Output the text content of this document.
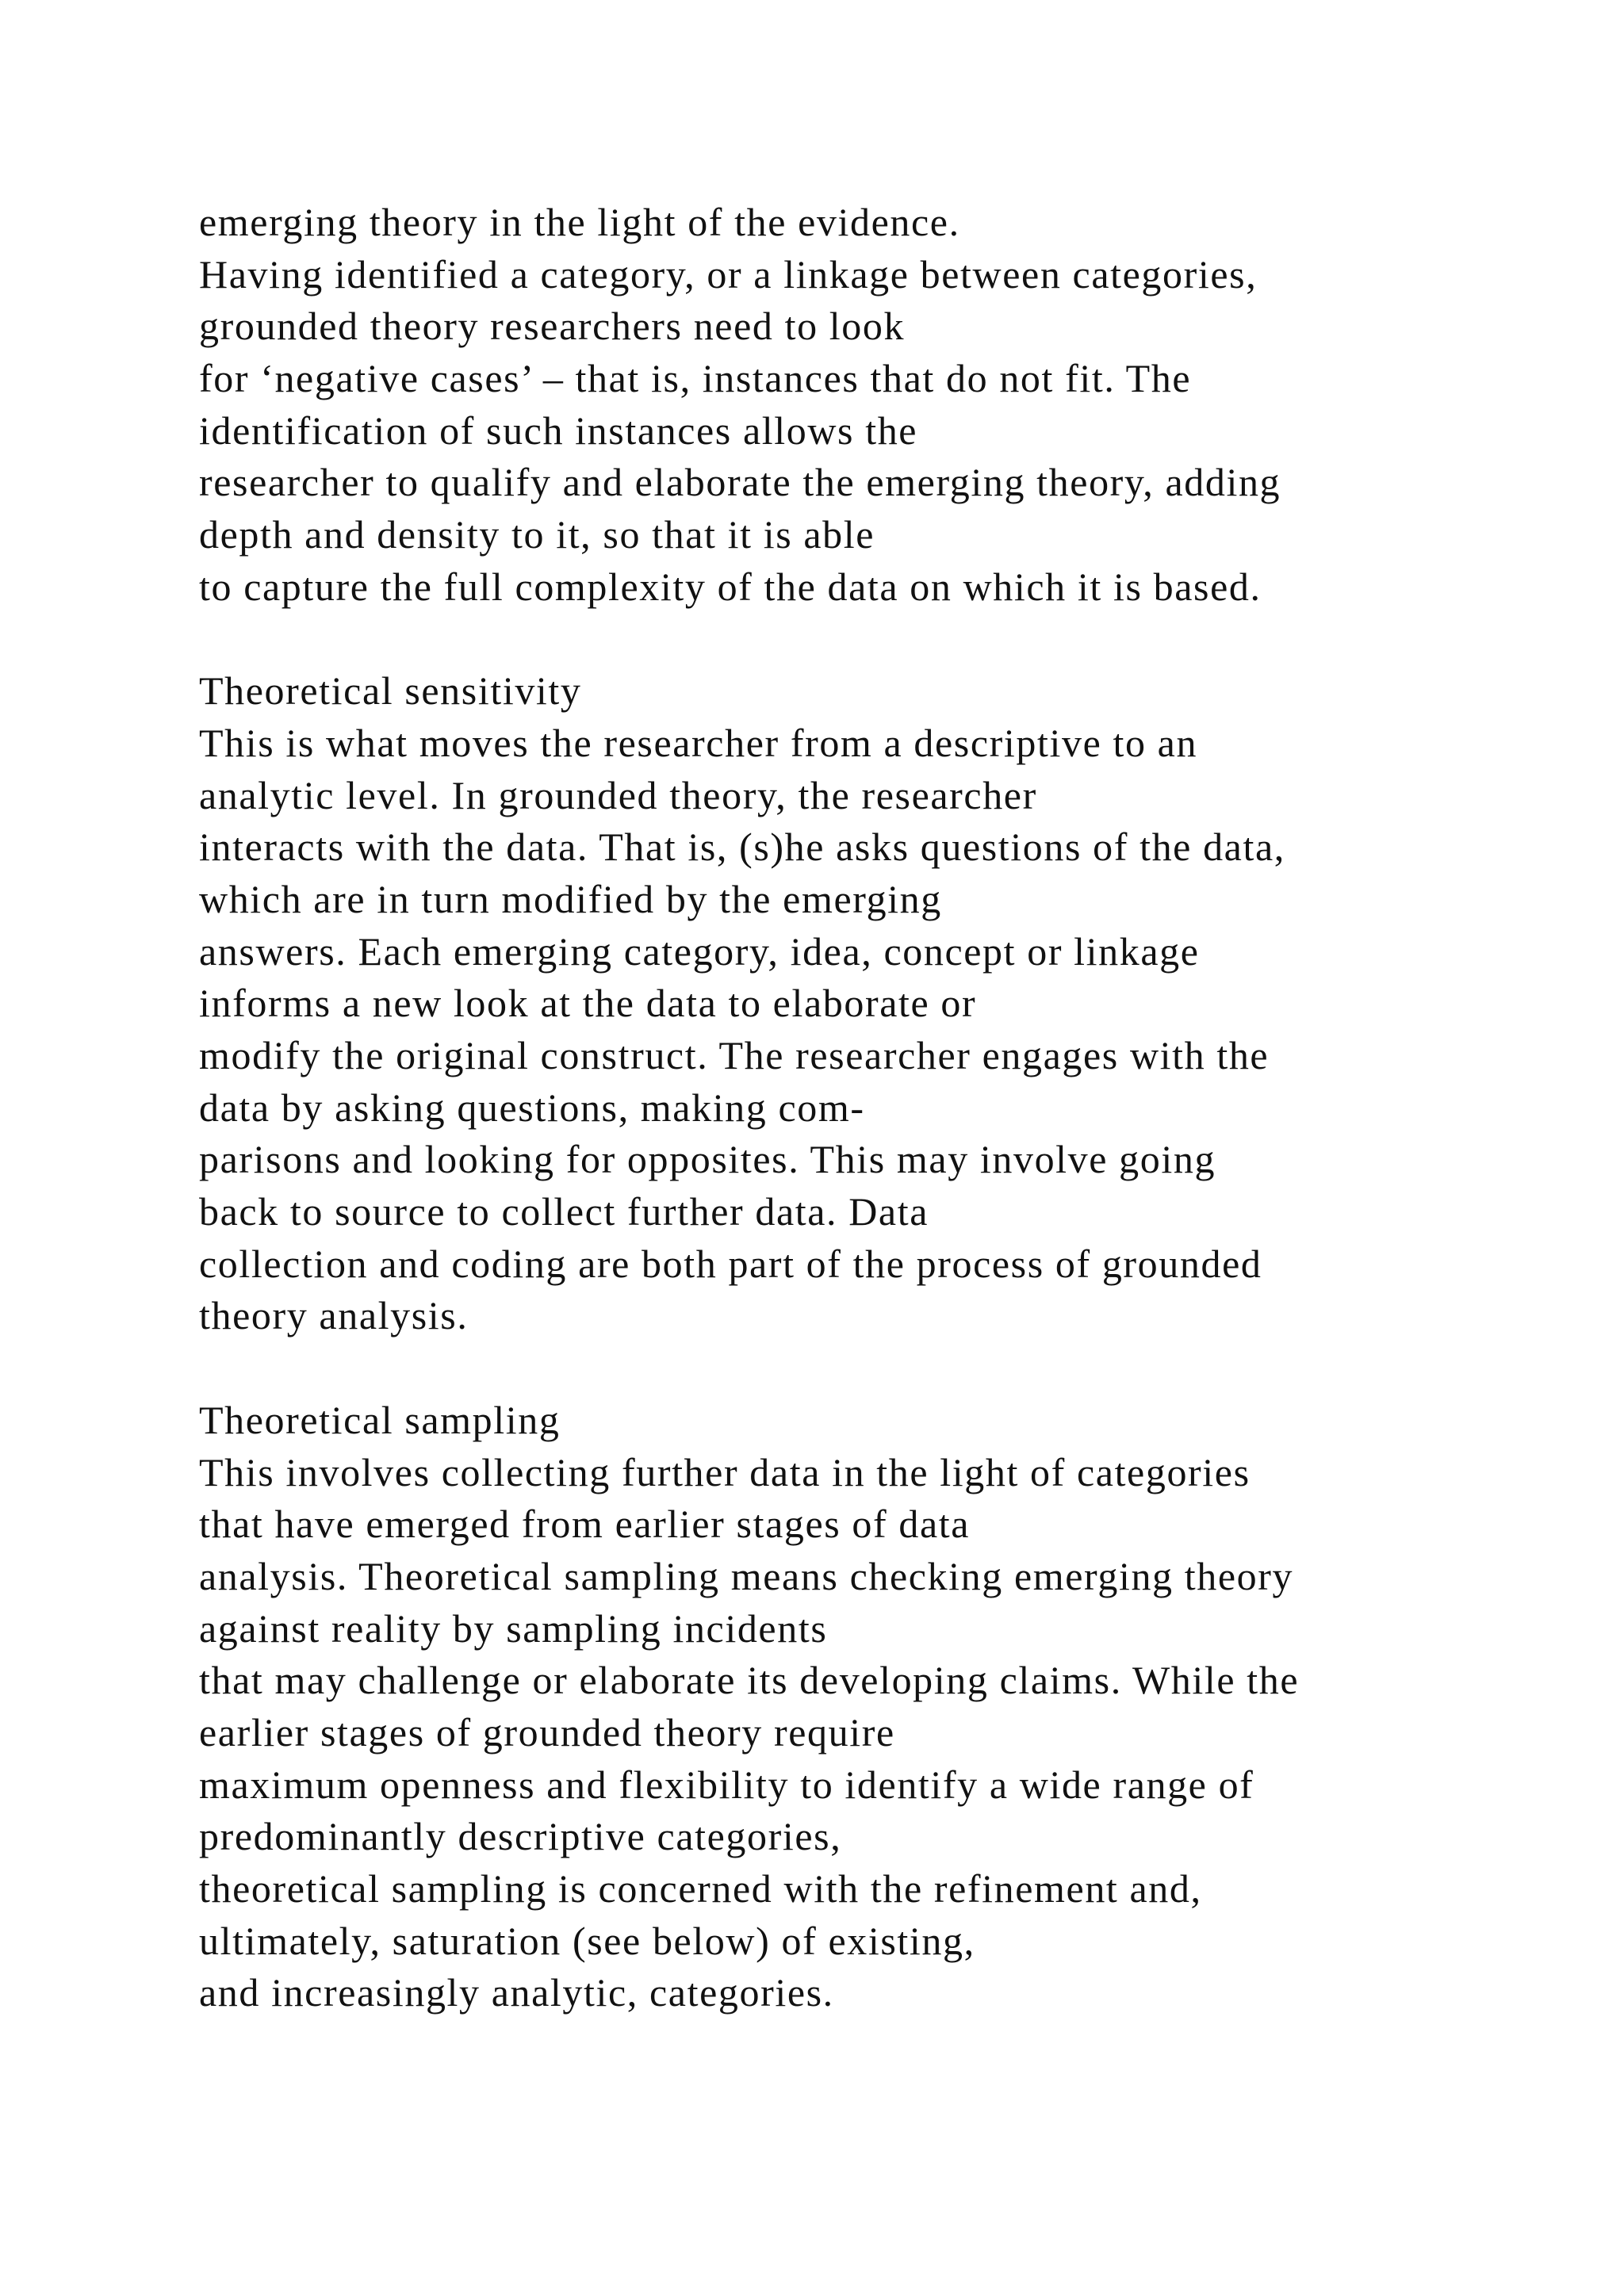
emerging theory in the light of the evidence.
Having identified a category, or a linkage between categories,
grounded theory researchers need to look
for ‘negative cases’ – that is, instances that do not fit. The
identification of such instances allows the
researcher to qualify and elaborate the emerging theory, adding
depth and density to it, so that it is able
to capture the full complexity of the data on which it is based.
Theoretical sensitivity
This is what moves the researcher from a descriptive to an
analytic level. In grounded theory, the researcher
interacts with the data. That is, (s)he asks questions of the data,
which are in turn modified by the emerging
answers. Each emerging category, idea, concept or linkage
informs a new look at the data to elaborate or
modify the original construct. The researcher engages with the
data by asking questions, making com-
parisons and looking for opposites. This may involve going
back to source to collect further data. Data
collection and coding are both part of the process of grounded
theory analysis.
Theoretical sampling
This involves collecting further data in the light of categories
that have emerged from earlier stages of data
analysis. Theoretical sampling means checking emerging theory
against reality by sampling incidents
that may challenge or elaborate its developing claims. While the
earlier stages of grounded theory require
maximum openness and flexibility to identify a wide range of
predominantly descriptive categories,
theoretical sampling is concerned with the refinement and,
ultimately, saturation (see below) of existing,
and increasingly analytic, categories.
